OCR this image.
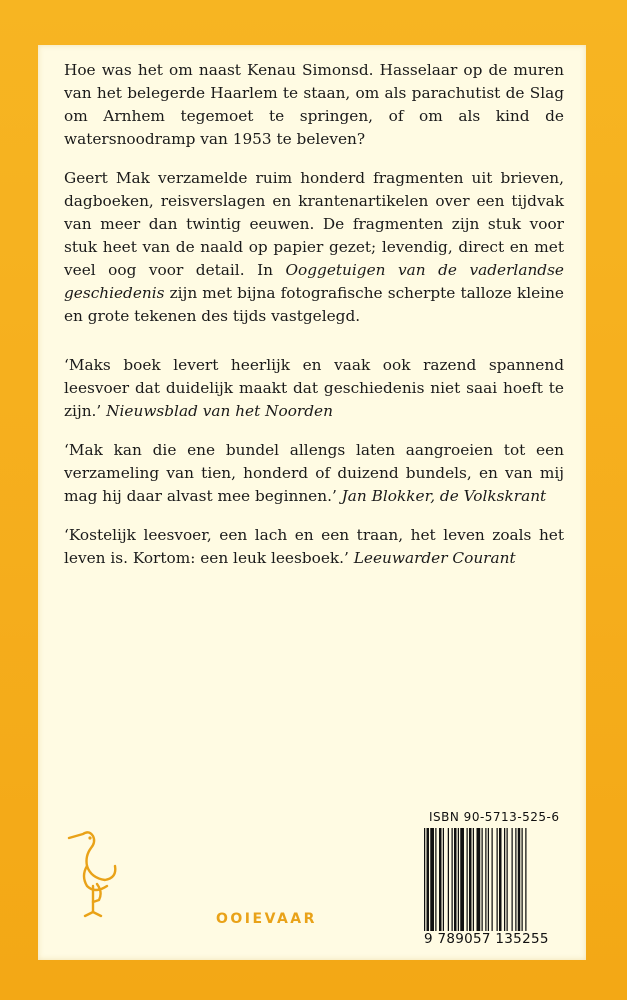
Hoe was het om naast Kenau Simonsd. Hasselaar op de muren van het belegerde Haarlem te staan, om als parachutist de Slag om Arnhem tegemoet te springen, of om als kind de watersnoodramp van 1953 te beleven?

Geert Mak verzamelde ruim honderd fragmenten uit brieven, dagboeken, reisverslagen en krantenartikelen over een tijdvak van meer dan twintig eeuwen. De fragmenten zijn stuk voor stuk heet van de naald op papier gezet; levendig, direct en met veel oog voor detail. In Ooggetuigen van de vaderlandse geschiedenis zijn met bijna fotografische scherpte talloze kleine en grote tekenen des tijds vastgelegd.

‘Maks boek levert heerlijk en vaak ook razend spannend leesvoer dat duidelijk maakt dat geschiedenis niet saai hoeft te zijn.’ Nieuwsblad van het Noorden

‘Mak kan die ene bundel allengs laten aangroeien tot een verzameling van tien, honderd of duizend bundels, en van mij mag hij daar alvast mee beginnen.’ Jan Blokker, de Volkskrant

‘Kostelijk leesvoer, een lach en een traan, het leven zoals het leven is. Kortom: een leuk leesboek.’ Leeuwarder Courant

OOIEVAAR
ISBN 90-5713-525-6
9 789057 135255
